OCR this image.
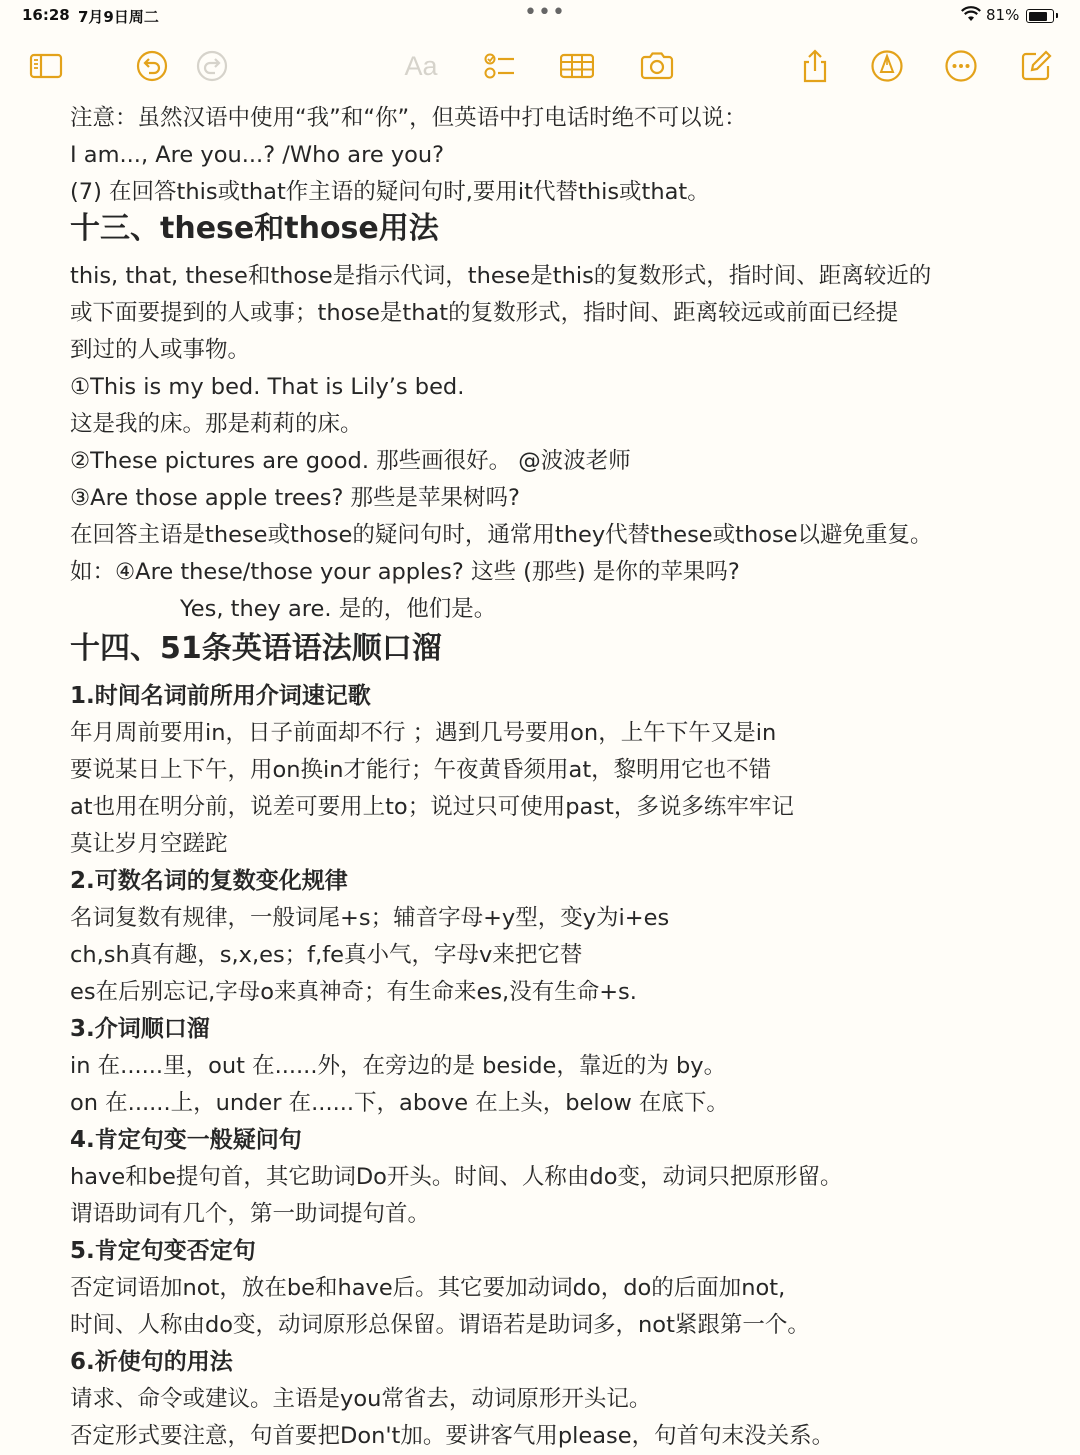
16:28 7月9日周二	•••	81%
Aa
注意：虽然汉语中使用“我”和“你”，但英语中打电话时绝不可以说：
I am..., Are you...? /Who are you?
(7) 在回答this或that作主语的疑问句时,要用it代替this或that。
十三、these和those用法
this, that, these和those是指示代词，these是this的复数形式，指时间、距离较近的
或下面要提到的人或事；those是that的复数形式，指时间、距离较远或前面已经提
到过的人或事物。
①This is my bed. That is Lily’s bed.
这是我的床。那是莉莉的床。
②These pictures are good. 那些画很好。 @波波老师
③Are those apple trees? 那些是苹果树吗?
在回答主语是these或those的疑问句时，通常用they代替these或those以避免重复。
如：④Are these/those your apples? 这些 (那些) 是你的苹果吗?
Yes, they are. 是的，他们是。
十四、51条英语语法顺口溜
1.时间名词前所用介词速记歌
年月周前要用in，日子前面却不行 ；遇到几号要用on，上午下午又是in
要说某日上下午，用on换in才能行；午夜黄昏须用at，黎明用它也不错
at也用在明分前，说差可要用上to；说过只可使用past，多说多练牢牢记
莫让岁月空蹉跎
2.可数名词的复数变化规律
名词复数有规律，一般词尾+s；辅音字母+y型，变y为i+es
ch,sh真有趣，s,x,es；f,fe真小气，字母v来把它替
es在后别忘记,字母o来真神奇；有生命来es,没有生命+s.
3.介词顺口溜
in 在......里，out 在......外，在旁边的是 beside，靠近的为 by。
on 在......上，under 在......下，above 在上头，below 在底下。
4.肯定句变一般疑问句
have和be提句首，其它助词Do开头。时间、人称由do变，动词只把原形留。
谓语助词有几个，第一助词提句首。
5.肯定句变否定句
否定词语加not，放在be和have后。其它要加动词do，do的后面加not,
时间、人称由do变，动词原形总保留。谓语若是助词多，not紧跟第一个。
6.祈使句的用法
请求、命令或建议。主语是you常省去，动词原形开头记。
否定形式要注意，句首要把Don't加。要讲客气用please，句首句末没关系。
